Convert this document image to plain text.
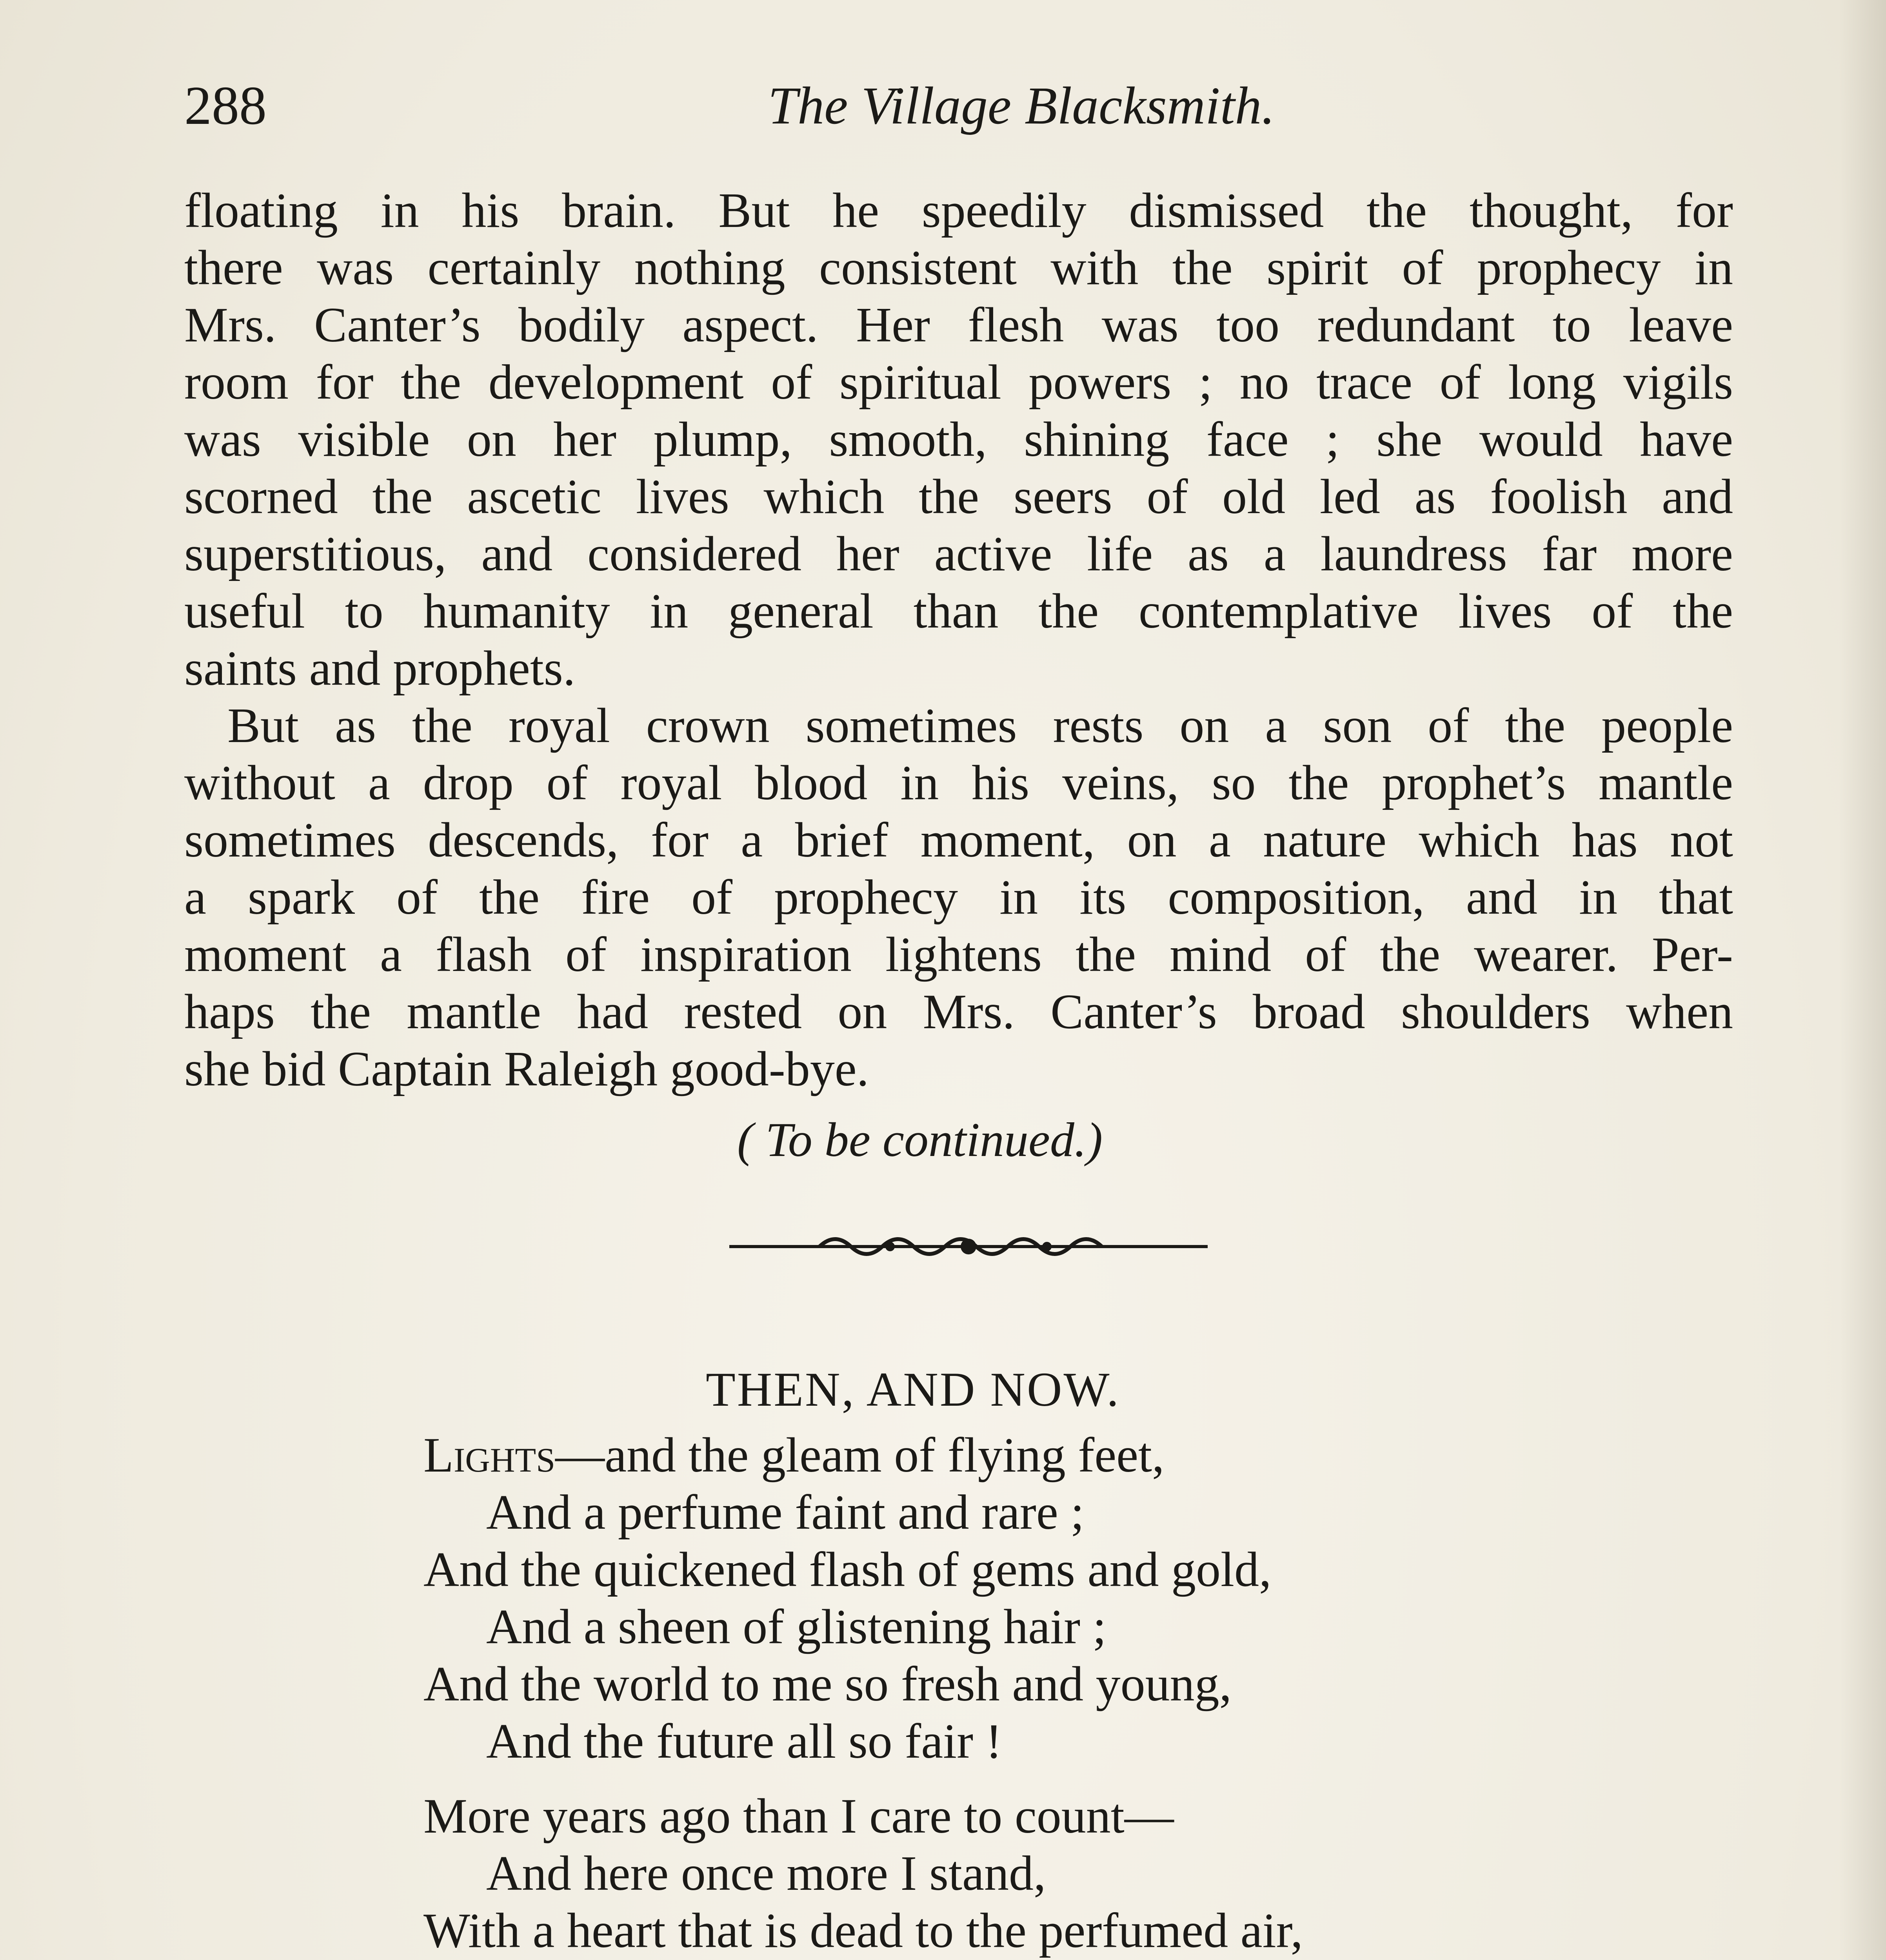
288	The Village Blacksmith.
floating in his brain. But he speedily dismissed the thought, for
there was certainly nothing consistent with the spirit of prophecy in
Mrs. Canter’s bodily aspect. Her flesh was too redundant to leave
room for the development of spiritual powers ; no trace of long vigils
was visible on her plump, smooth, shining face ; she would have
scorned the ascetic lives which the seers of old led as foolish and
superstitious, and considered her active life as a laundress far more
useful to humanity in general than the contemplative lives of the
saints and prophets.
But as the royal crown sometimes rests on a son of the people
without a drop of royal blood in his veins, so the prophet’s mantle
sometimes descends, for a brief moment, on a nature which has not
a spark of the fire of prophecy in its composition, and in that
moment a flash of inspiration lightens the mind of the wearer. Per-
haps the mantle had rested on Mrs. Canter’s broad shoulders when
she bid Captain Raleigh good-bye.
( To be continued.)
THEN, AND NOW.
Lights—and the gleam of flying feet,
And a perfume faint and rare ;
And the quickened flash of gems and gold,
And a sheen of glistening hair ;
And the world to me so fresh and young,
And the future all so fair !
More years ago than I care to count—
And here once more I stand,
With a heart that is dead to the perfumed air,
